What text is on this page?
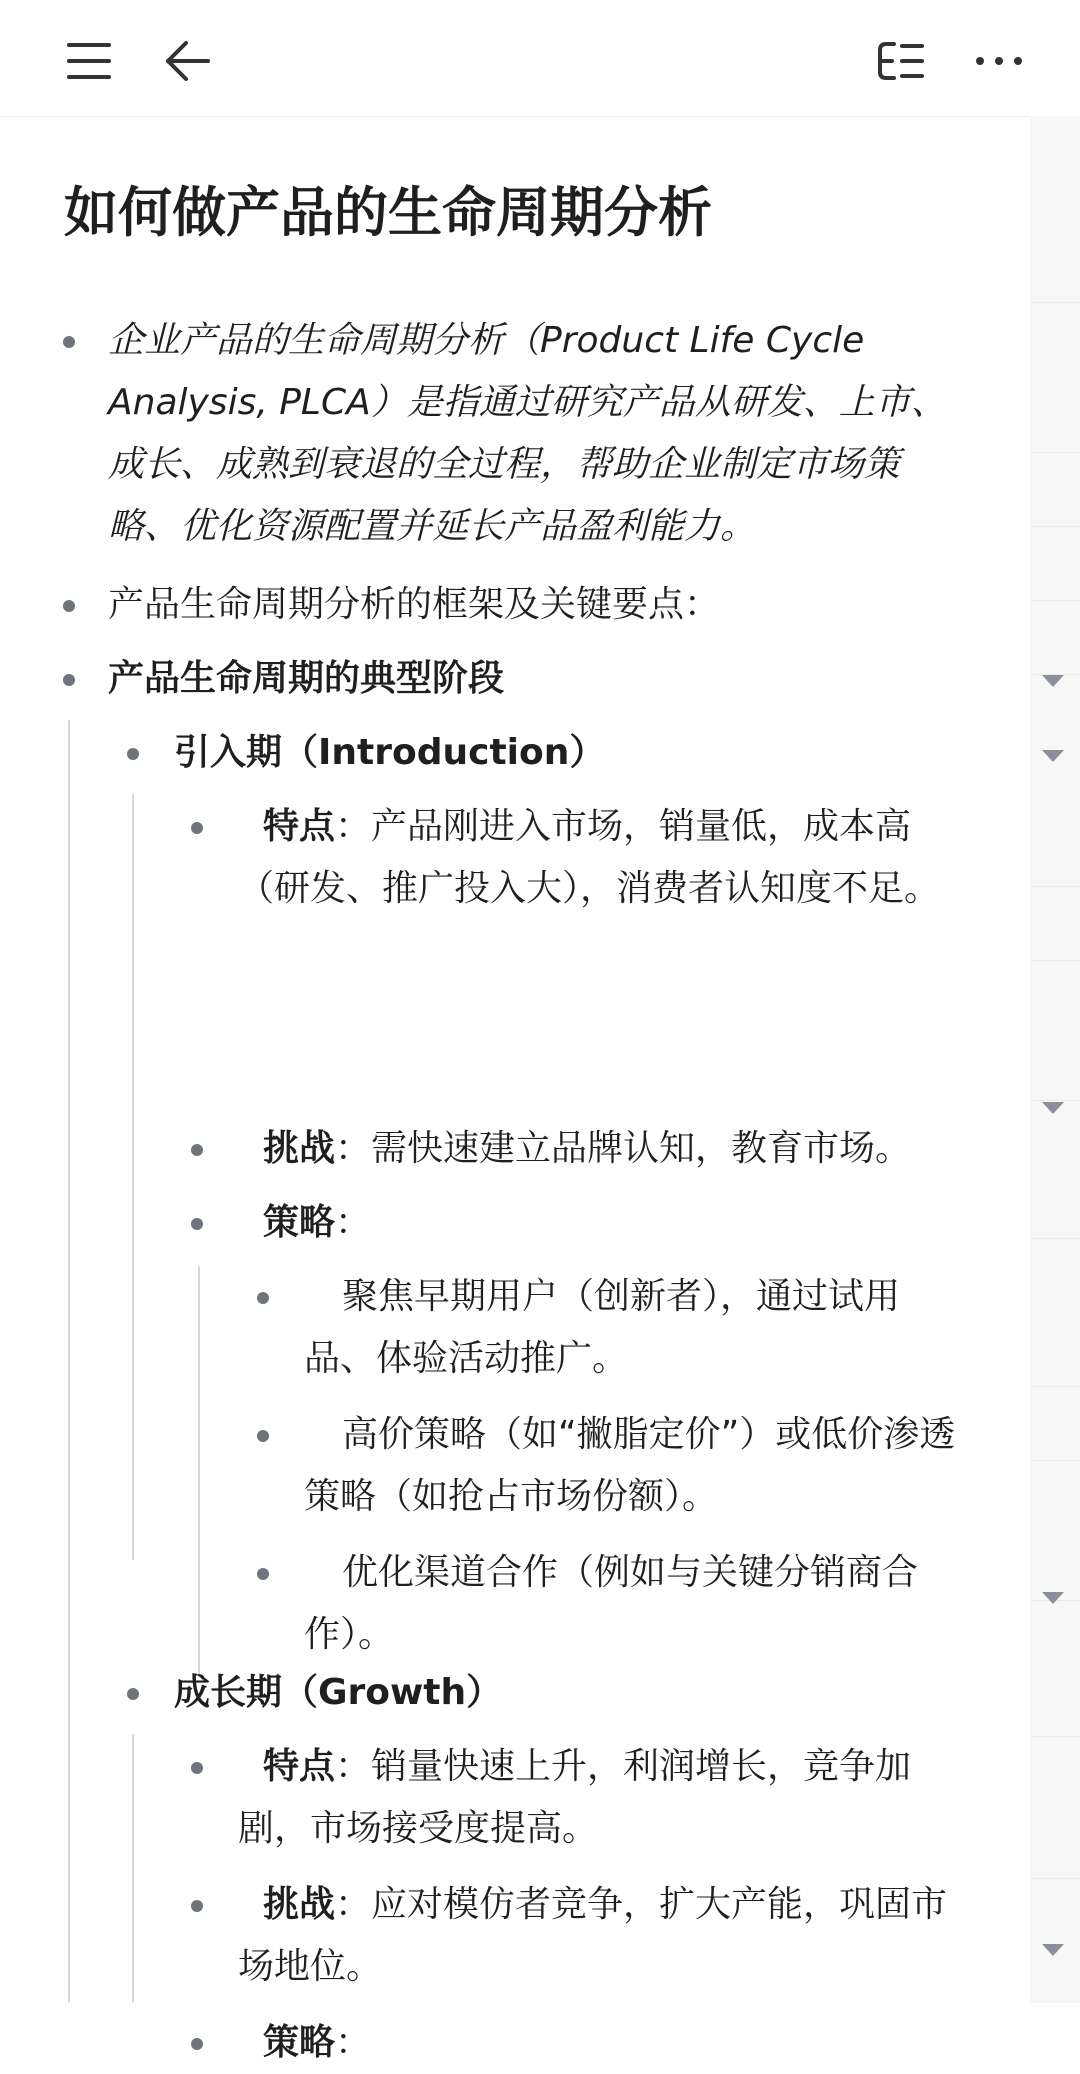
如何做产品的生命周期分析
企业产品的生命周期分析（Product Life Cycle Analysis, PLCA）是指通过研究产品从研发、上市、成长、成熟到衰退的全过程，帮助企业制定市场策略、优化资源配置并延长产品盈利能力。
产品生命周期分析的框架及关键要点：
产品生命周期的典型阶段
引入期（Introduction）
特点：产品刚进入市场，销量低，成本高（研发、推广投入大），消费者认知度不足。
挑战：需快速建立品牌认知，教育市场。
策略：
聚焦早期用户（创新者），通过试用品、体验活动推广。
高价策略（如“撇脂定价”）或低价渗透策略（如抢占市场份额）。
优化渠道合作（例如与关键分销商合作）。
成长期（Growth）
特点：销量快速上升，利润增长，竞争加剧，市场接受度提高。
挑战：应对模仿者竞争，扩大产能，巩固市场地位。
策略：
